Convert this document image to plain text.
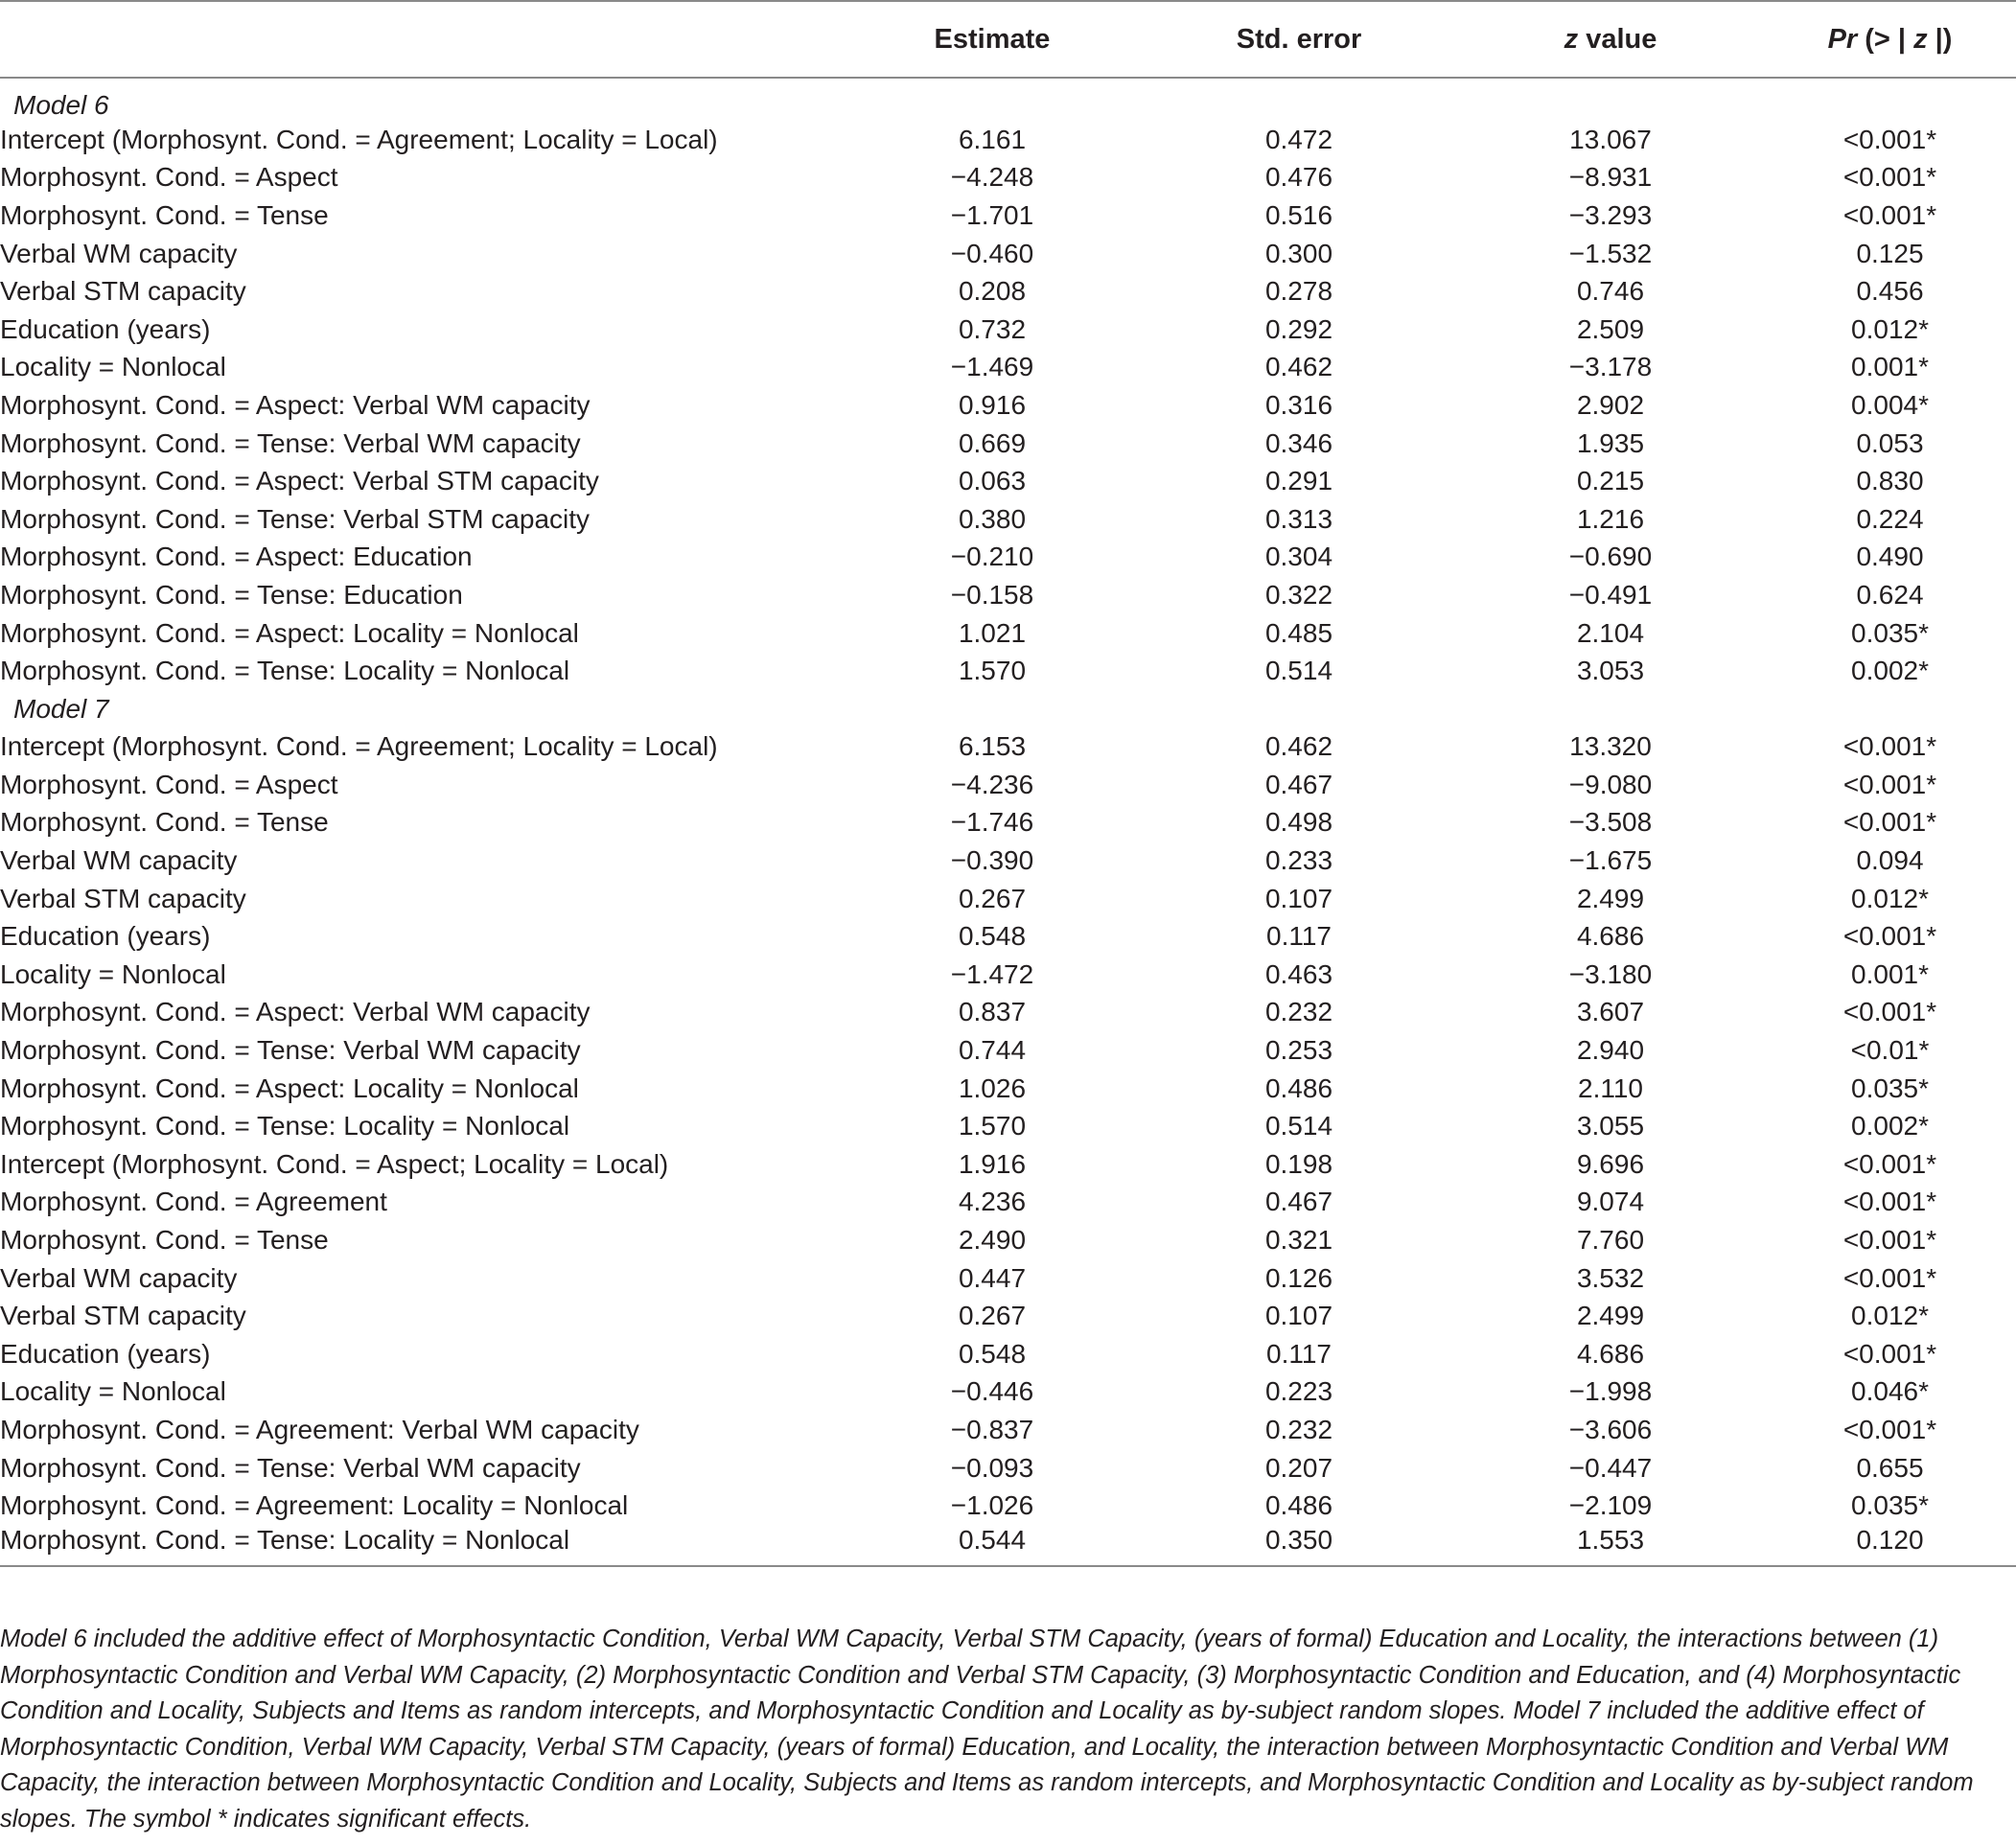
	Estimate	Std. error	z value	Pr (> | z |)
Model 6				
Intercept (Morphosynt. Cond. = Agreement; Locality = Local)	6.161	0.472	13.067	<0.001*
Morphosynt. Cond. = Aspect	−4.248	0.476	−8.931	<0.001*
Morphosynt. Cond. = Tense	−1.701	0.516	−3.293	<0.001*
Verbal WM capacity	−0.460	0.300	−1.532	0.125
Verbal STM capacity	0.208	0.278	0.746	0.456
Education (years)	0.732	0.292	2.509	0.012*
Locality = Nonlocal	−1.469	0.462	−3.178	0.001*
Morphosynt. Cond. = Aspect: Verbal WM capacity	0.916	0.316	2.902	0.004*
Morphosynt. Cond. = Tense: Verbal WM capacity	0.669	0.346	1.935	0.053
Morphosynt. Cond. = Aspect: Verbal STM capacity	0.063	0.291	0.215	0.830
Morphosynt. Cond. = Tense: Verbal STM capacity	0.380	0.313	1.216	0.224
Morphosynt. Cond. = Aspect: Education	−0.210	0.304	−0.690	0.490
Morphosynt. Cond. = Tense: Education	−0.158	0.322	−0.491	0.624
Morphosynt. Cond. = Aspect: Locality = Nonlocal	1.021	0.485	2.104	0.035*
Morphosynt. Cond. = Tense: Locality = Nonlocal	1.570	0.514	3.053	0.002*
Model 7				
Intercept (Morphosynt. Cond. = Agreement; Locality = Local)	6.153	0.462	13.320	<0.001*
Morphosynt. Cond. = Aspect	−4.236	0.467	−9.080	<0.001*
Morphosynt. Cond. = Tense	−1.746	0.498	−3.508	<0.001*
Verbal WM capacity	−0.390	0.233	−1.675	0.094
Verbal STM capacity	0.267	0.107	2.499	0.012*
Education (years)	0.548	0.117	4.686	<0.001*
Locality = Nonlocal	−1.472	0.463	−3.180	0.001*
Morphosynt. Cond. = Aspect: Verbal WM capacity	0.837	0.232	3.607	<0.001*
Morphosynt. Cond. = Tense: Verbal WM capacity	0.744	0.253	2.940	<0.01*
Morphosynt. Cond. = Aspect: Locality = Nonlocal	1.026	0.486	2.110	0.035*
Morphosynt. Cond. = Tense: Locality = Nonlocal	1.570	0.514	3.055	0.002*
Intercept (Morphosynt. Cond. = Aspect; Locality = Local)	1.916	0.198	9.696	<0.001*
Morphosynt. Cond. = Agreement	4.236	0.467	9.074	<0.001*
Morphosynt. Cond. = Tense	2.490	0.321	7.760	<0.001*
Verbal WM capacity	0.447	0.126	3.532	<0.001*
Verbal STM capacity	0.267	0.107	2.499	0.012*
Education (years)	0.548	0.117	4.686	<0.001*
Locality = Nonlocal	−0.446	0.223	−1.998	0.046*
Morphosynt. Cond. = Agreement: Verbal WM capacity	−0.837	0.232	−3.606	<0.001*
Morphosynt. Cond. = Tense: Verbal WM capacity	−0.093	0.207	−0.447	0.655
Morphosynt. Cond. = Agreement: Locality = Nonlocal	−1.026	0.486	−2.109	0.035*
Morphosynt. Cond. = Tense: Locality = Nonlocal	0.544	0.350	1.553	0.120

Model 6 included the additive effect of Morphosyntactic Condition, Verbal WM Capacity, Verbal STM Capacity, (years of formal) Education and Locality, the interactions between (1) Morphosyntactic Condition and Verbal WM Capacity, (2) Morphosyntactic Condition and Verbal STM Capacity, (3) Morphosyntactic Condition and Education, and (4) Morphosyntactic Condition and Locality, Subjects and Items as random intercepts, and Morphosyntactic Condition and Locality as by-subject random slopes. Model 7 included the additive effect of Morphosyntactic Condition, Verbal WM Capacity, Verbal STM Capacity, (years of formal) Education, and Locality, the interaction between Morphosyntactic Condition and Verbal WM Capacity, the interaction between Morphosyntactic Condition and Locality, Subjects and Items as random intercepts, and Morphosyntactic Condition and Locality as by-subject random slopes. The symbol * indicates significant effects.
